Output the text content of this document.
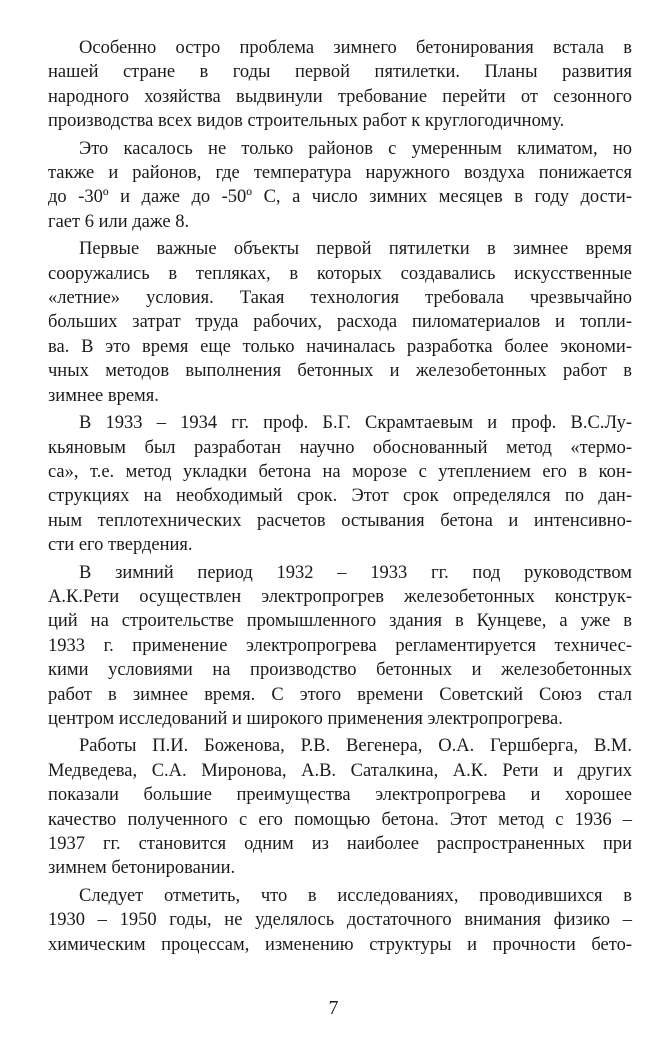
Особенно остро проблема зимнего бетонирования встала в
нашей стране в годы первой пятилетки. Планы развития
народного хозяйства выдвинули требование перейти от сезонного
производства всех видов строительных работ к круглогодичному.

Это касалось не только районов с умеренным климатом, но
также и районов, где температура наружного воздуха понижается
до -30º и даже до -50º С, а число зимних месяцев в году дости-
гает 6 или даже 8.

Первые важные объекты первой пятилетки в зимнее время
сооружались в тепляках, в которых создавались искусственные
«летние» условия. Такая технология требовала чрезвычайно
больших затрат труда рабочих, расхода пиломатериалов и топли-
ва. В это время еще только начиналась разработка более экономи-
чных методов выполнения бетонных и железобетонных работ в
зимнее время.

В 1933 – 1934 гг. проф. Б.Г. Скрамтаевым и проф. В.С.Лу-
кьяновым был разработан научно обоснованный метод «термо-
са», т.е. метод укладки бетона на морозе с утеплением его в кон-
струкциях на необходимый срок. Этот срок определялся по дан-
ным теплотехнических расчетов остывания бетона и интенсивно-
сти его твердения.

В зимний период 1932 – 1933 гг. под руководством
А.К.Рети осуществлен электропрогрев железобетонных конструк-
ций на строительстве промышленного здания в Кунцеве, а уже в
1933 г. применение электропрогрева регламентируется техничес-
кими условиями на производство бетонных и железобетонных
работ в зимнее время. С этого времени Советский Союз стал
центром исследований и широкого применения электропрогрева.

Работы П.И. Боженова, Р.В. Вегенера, О.А. Гершберга, В.М.
Медведева, С.А. Миронова, А.В. Саталкина, А.К. Рети и других
показали большие преимущества электропрогрева и хорошее
качество полученного с его помощью бетона. Этот метод с 1936 –
1937 гг. становится одним из наиболее распространенных при
зимнем бетонировании.

Следует отметить, что в исследованиях, проводившихся в
1930 – 1950 годы, не уделялось достаточного внимания физико –
химическим процессам, изменению структуры и прочности бето-

7
